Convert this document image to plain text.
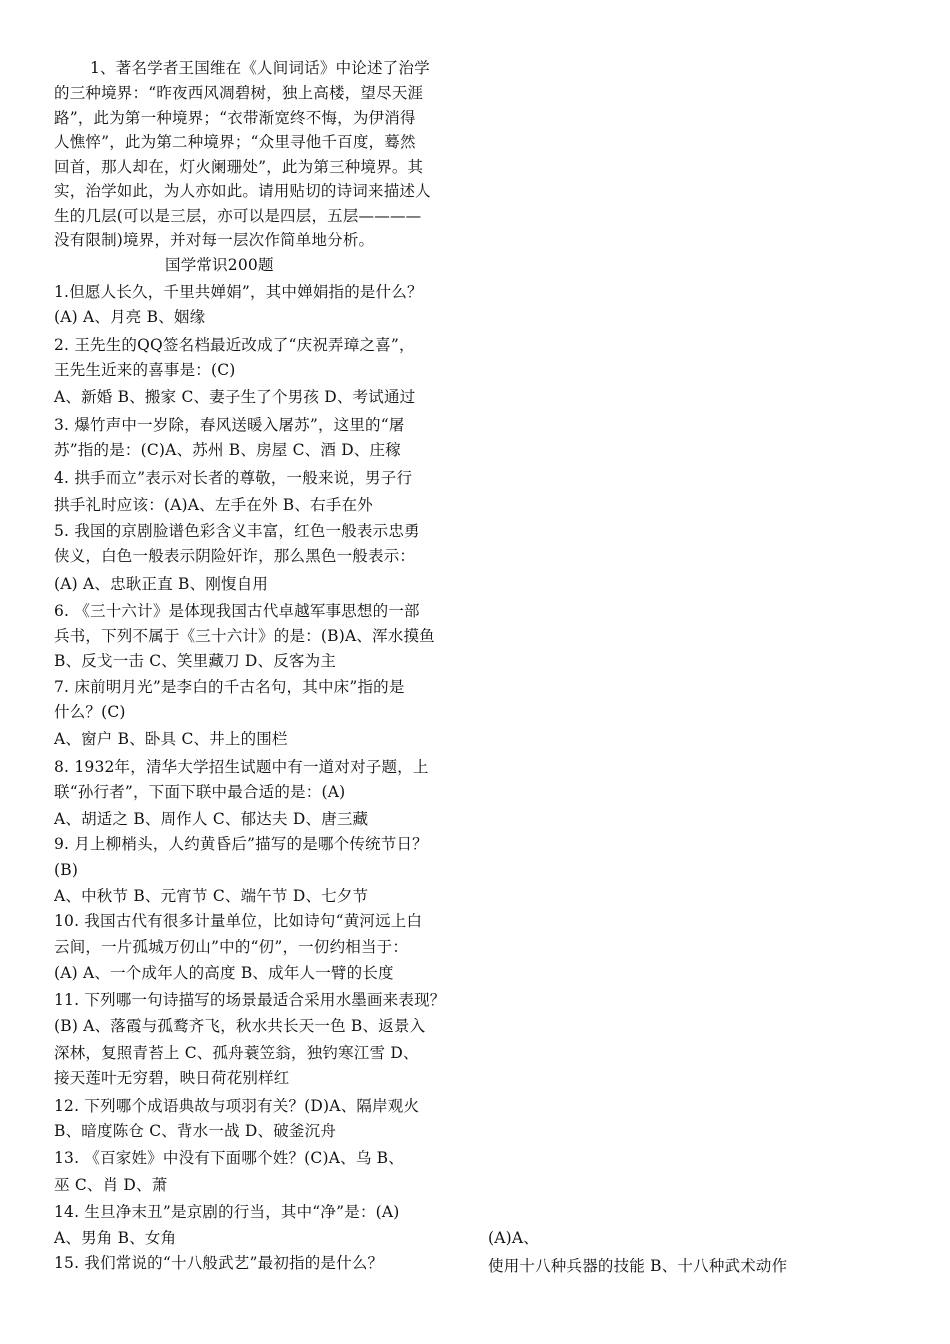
1、著名学者王国维在《人间词话》中论述了治学
的三种境界：“昨夜西风凋碧树，独上高楼，望尽天涯
路”，此为第一种境界；“衣带渐宽终不悔，为伊消得
人憔悴”，此为第二种境界；“众里寻他千百度，蓦然
回首，那人却在，灯火阑珊处”，此为第三种境界。其
实，治学如此，为人亦如此。请用贴切的诗词来描述人
生的几层(可以是三层，亦可以是四层，五层————
没有限制)境界，并对每一层次作简单地分析。
国学常识200题
1.但愿人长久，千里共婵娟”，其中婵娟指的是什么？
(A) A、月亮 B、姻缘
2. 王先生的QQ签名档最近改成了“庆祝弄璋之喜”，
王先生近来的喜事是：(C)
A、新婚 B、搬家 C、妻子生了个男孩 D、考试通过
3. 爆竹声中一岁除，春风送暖入屠苏”，这里的“屠
苏”指的是：(C)A、苏州 B、房屋 C、酒 D、庄稼
4. 拱手而立”表示对长者的尊敬，一般来说，男子行
拱手礼时应该：(A)A、左手在外 B、右手在外
5. 我国的京剧脸谱色彩含义丰富，红色一般表示忠勇
侠义，白色一般表示阴险奸诈，那么黑色一般表示：
(A) A、忠耿正直 B、刚愎自用
6. 《三十六计》是体现我国古代卓越军事思想的一部
兵书，下列不属于《三十六计》的是：(B)A、浑水摸鱼
B、反戈一击 C、笑里藏刀 D、反客为主
7. 床前明月光”是李白的千古名句，其中床”指的是
什么？(C)
A、窗户 B、卧具 C、井上的围栏
8. 1932年，清华大学招生试题中有一道对对子题，上
联“孙行者”，下面下联中最合适的是：(A)
A、胡适之 B、周作人 C、郁达夫 D、唐三藏
9. 月上柳梢头，人约黄昏后”描写的是哪个传统节日？
(B)
A、中秋节 B、元宵节 C、端午节 D、七夕节
10. 我国古代有很多计量单位，比如诗句“黄河远上白
云间，一片孤城万仞山”中的“仞”，一仞约相当于：
(A) A、一个成年人的高度 B、成年人一臂的长度
11. 下列哪一句诗描写的场景最适合采用水墨画来表现？
(B) A、落霞与孤鹜齐飞，秋水共长天一色 B、返景入
深林，复照青苔上 C、孤舟蓑笠翁，独钓寒江雪 D、
接天莲叶无穷碧，映日荷花别样红
12. 下列哪个成语典故与项羽有关？(D)A、隔岸观火
B、暗度陈仓 C、背水一战 D、破釜沉舟
13. 《百家姓》中没有下面哪个姓？(C)A、乌 B、
巫 C、肖 D、萧
14. 生旦净末丑”是京剧的行当，其中“净”是：(A)
A、男角 B、女角
15. 我们常说的“十八般武艺”最初指的是什么？
(A)A、
使用十八种兵器的技能 B、十八种武术动作
